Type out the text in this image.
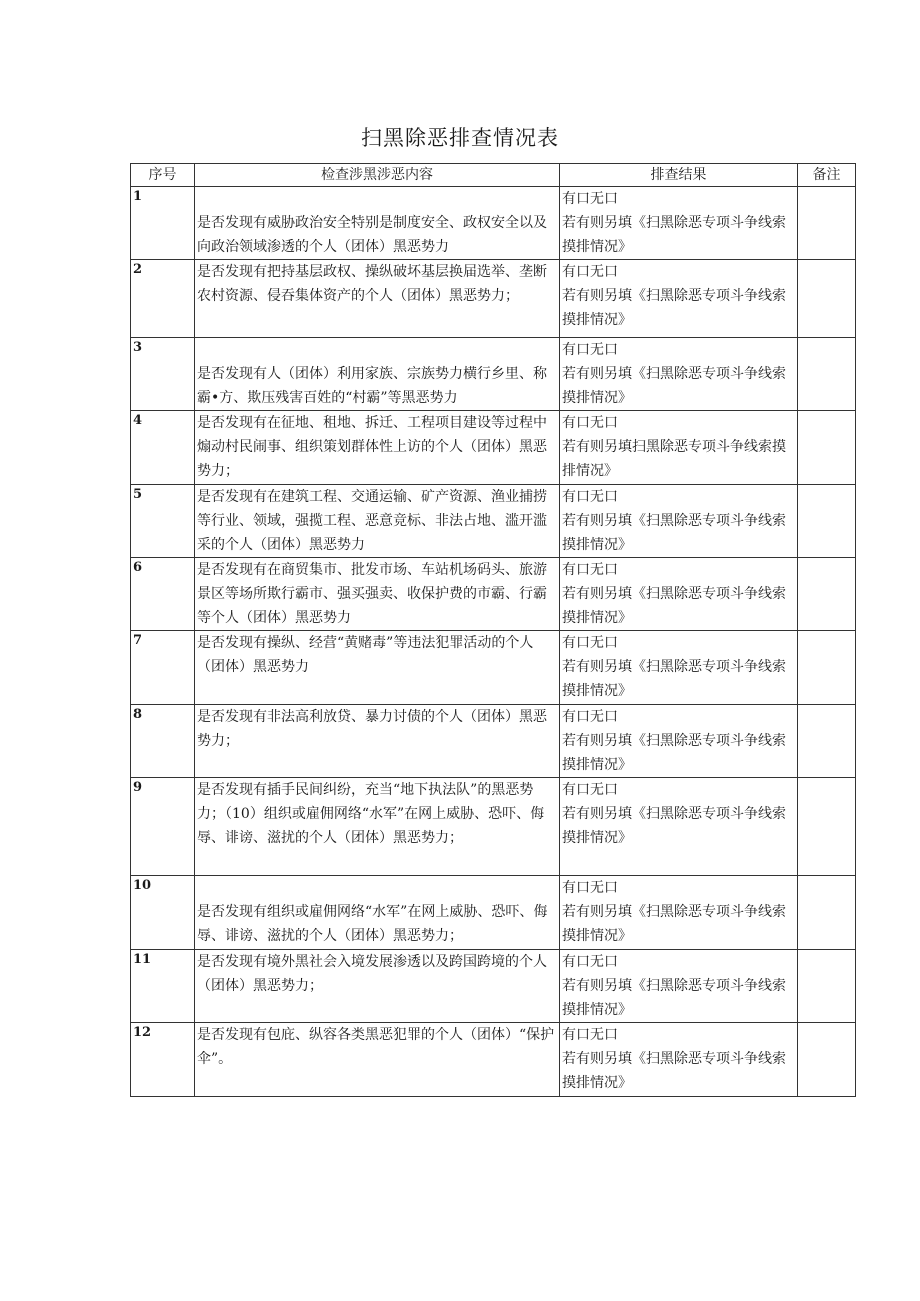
扫黑除恶排查情况表
序号	检查涉黑涉恶内容	排查结果	备注
1	是否发现有威胁政治安全特别是制度安全、政权安全以及向政治领域渗透的个人（团体）黑恶势力	有口无口
若有则另填《扫黑除恶专项斗争线索摸排情况》	

2	是否发现有把持基层政权、操纵破坏基层换届选举、垄断农村资源、侵吞集体资产的个人（团体）黑恶势力；	有口无口
若有则另填《扫黑除恶专项斗争线索摸排情况》	

3	是否发现有人（团体）利用家族、宗族势力横行乡里、称霸•方、欺压残害百姓的“村霸”等黑恶势力	有口无口
若有则另填《扫黑除恶专项斗争线索摸排情况》	

4	是否发现有在征地、租地、拆迁、工程项目建设等过程中煽动村民闹事、组织策划群体性上访的个人（团体）黑恶势力；	有口无口
若有则另填扫黑除恶专项斗争线索摸排情况》	

5	是否发现有在建筑工程、交通运输、矿产资源、渔业捕捞等行业、领域，强揽工程、恶意竞标、非法占地、滥开滥采的个人（团体）黑恶势力	有口无口
若有则另填《扫黑除恶专项斗争线索摸排情况》	

6	是否发现有在商贸集市、批发市场、车站机场码头、旅游景区等场所欺行霸市、强买强卖、收保护费的市霸、行霸等个人（团体）黑恶势力	有口无口
若有则另填《扫黑除恶专项斗争线索摸排情况》	

7	是否发现有操纵、经营“黄赌毒”等违法犯罪活动的个人（团体）黑恶势力	有口无口
若有则另填《扫黑除恶专项斗争线索摸排情况》	

8	是否发现有非法高利放贷、暴力讨债的个人（团体）黑恶势力；	有口无口
若有则另填《扫黑除恶专项斗争线索摸排情况》	

9	是否发现有插手民间纠纷，充当“地下执法队”的黑恶势力；（10）组织或雇佣网络“水军”在网上威胁、恐吓、侮辱、诽谤、滋扰的个人（团体）黑恶势力；	有口无口
若有则另填《扫黑除恶专项斗争线索摸排情况》	

10	是否发现有组织或雇佣网络“水军”在网上威胁、恐吓、侮辱、诽谤、滋扰的个人（团体）黑恶势力；	有口无口
若有则另填《扫黑除恶专项斗争线索摸排情况》	

11	是否发现有境外黑社会入境发展渗透以及跨国跨境的个人（团体）黑恶势力；	有口无口
若有则另填《扫黑除恶专项斗争线索摸排情况》	

12	是否发现有包庇、纵容各类黑恶犯罪的个人（团体）“保护伞”。	有口无口
若有则另填《扫黑除恶专项斗争线索摸排情况》	
